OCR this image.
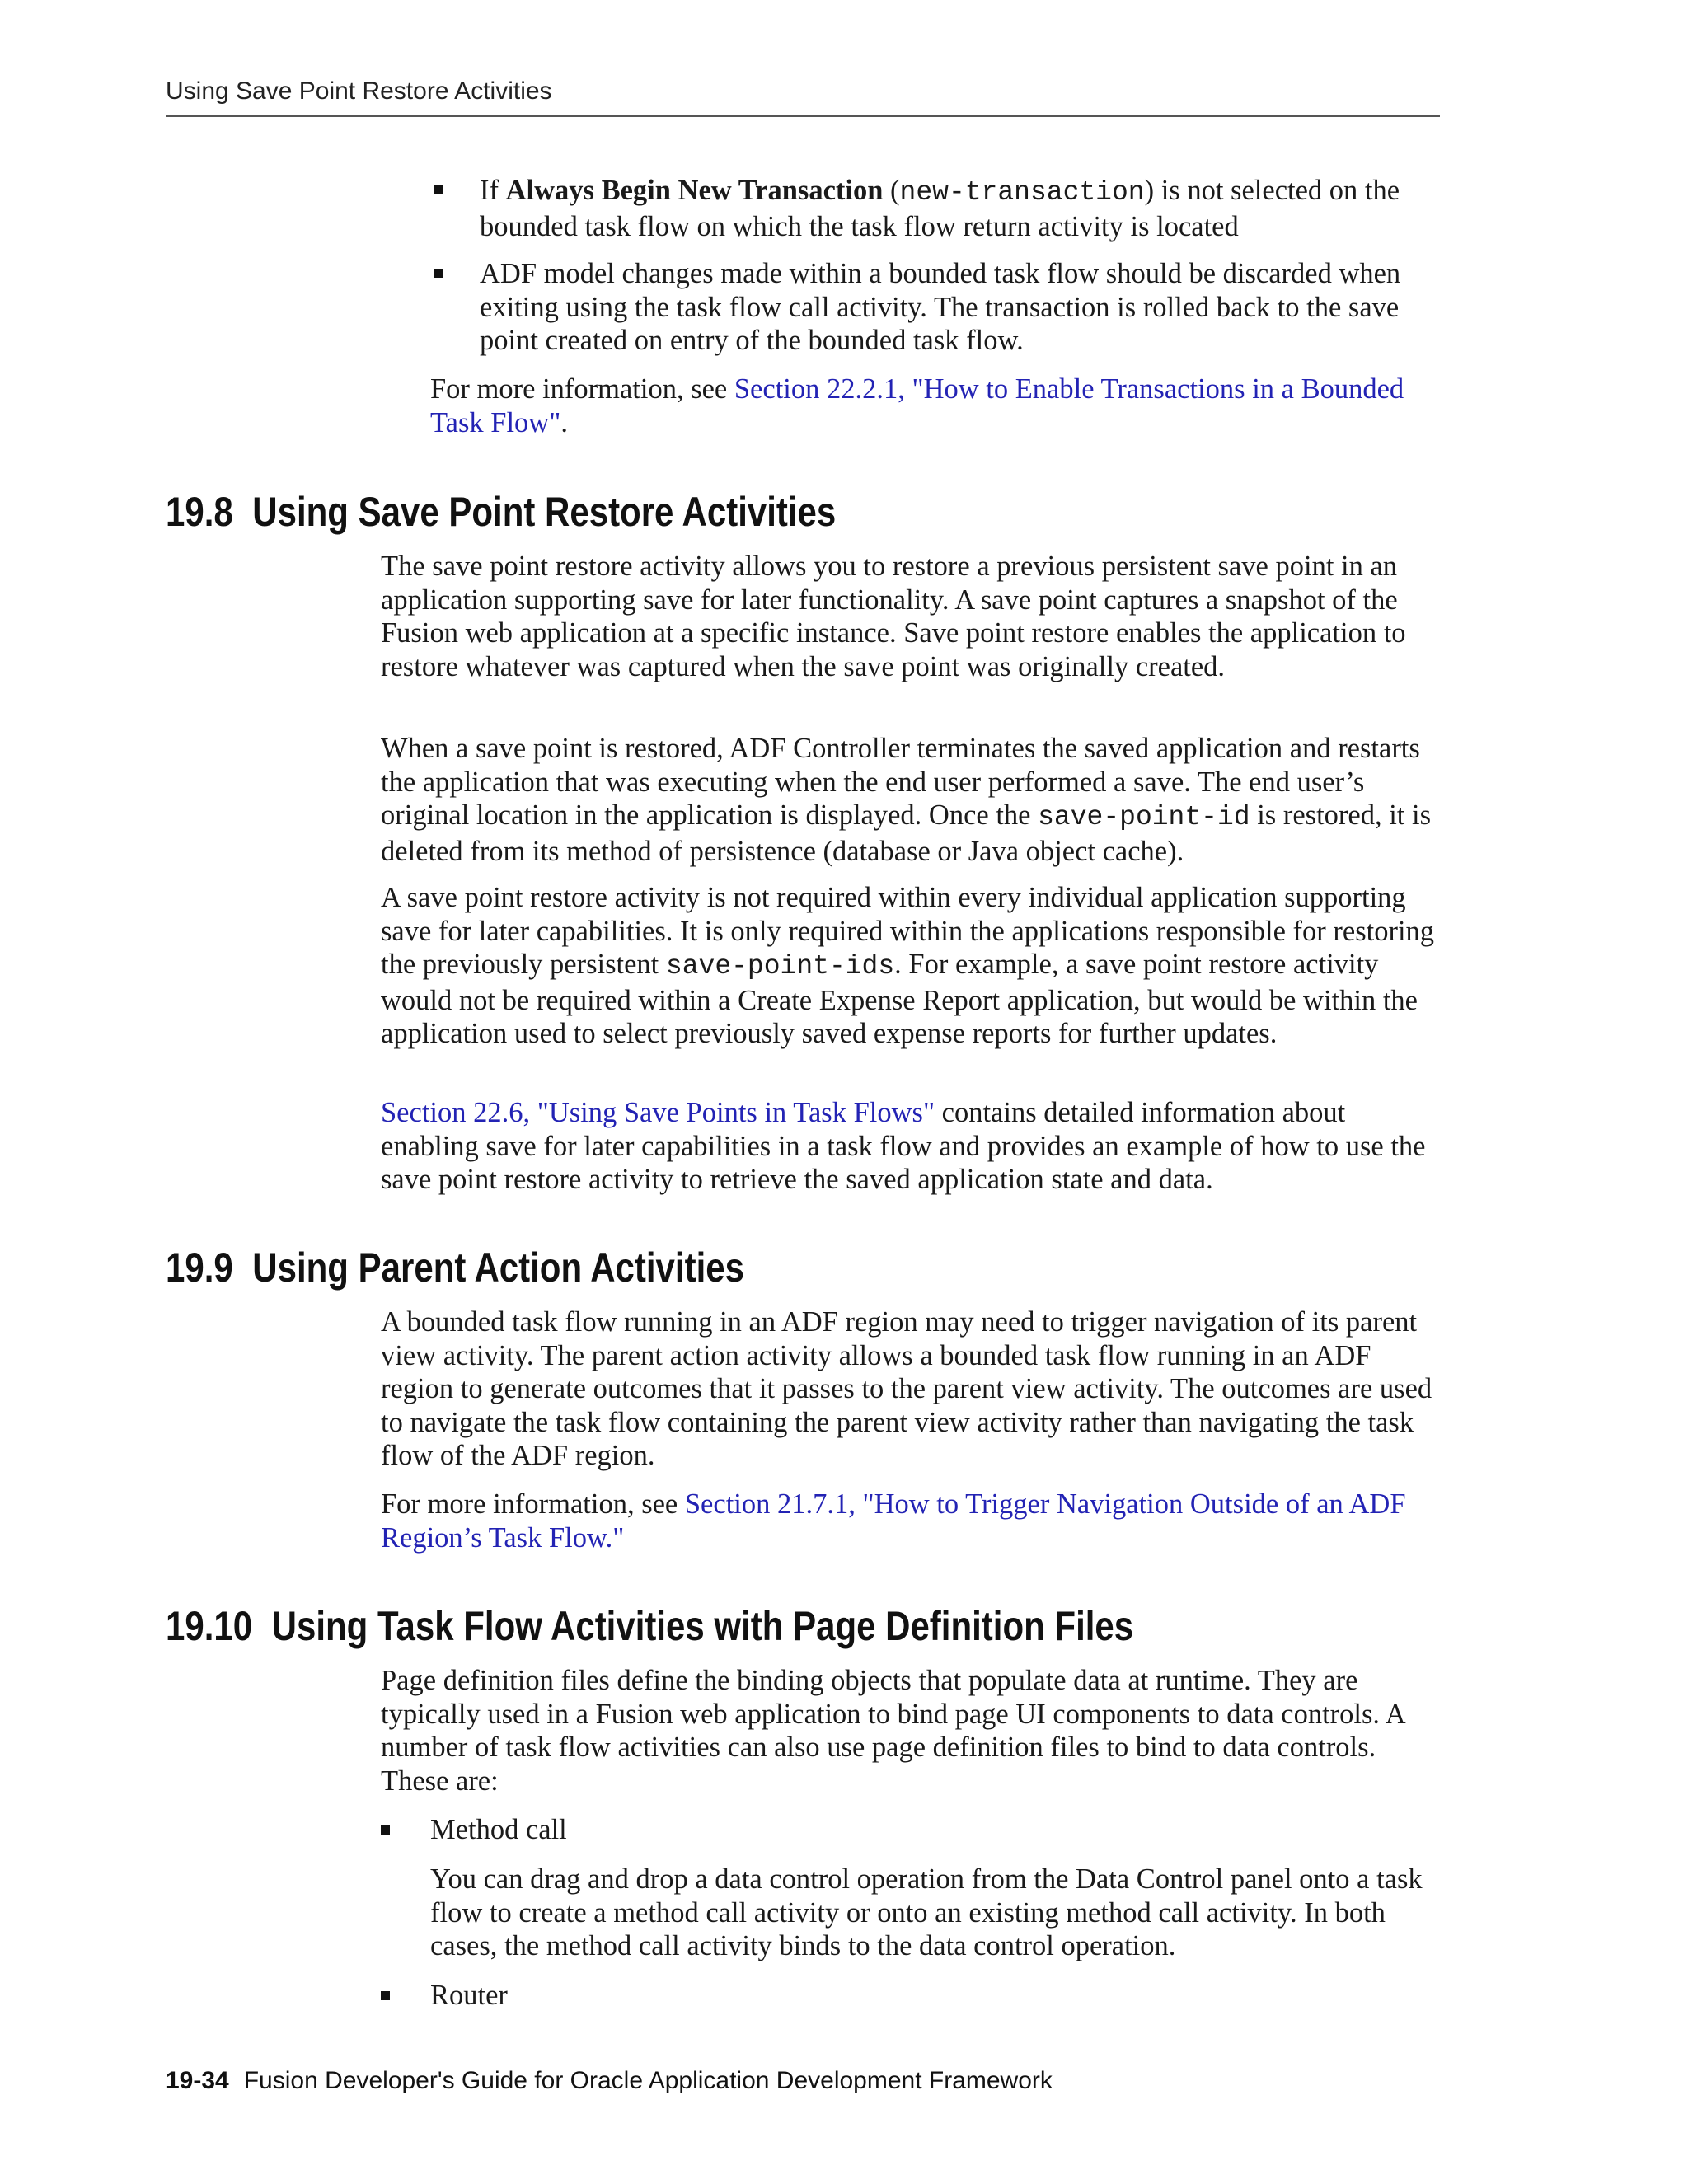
Using Save Point Restore Activities

If Always Begin New Transaction (new-transaction) is not selected on the bounded task flow on which the task flow return activity is located

ADF model changes made within a bounded task flow should be discarded when exiting using the task flow call activity. The transaction is rolled back to the save point created on entry of the bounded task flow.

For more information, see Section 22.2.1, "How to Enable Transactions in a Bounded Task Flow".

19.8 Using Save Point Restore Activities

The save point restore activity allows you to restore a previous persistent save point in an application supporting save for later functionality. A save point captures a snapshot of the Fusion web application at a specific instance. Save point restore enables the application to restore whatever was captured when the save point was originally created.

When a save point is restored, ADF Controller terminates the saved application and restarts the application that was executing when the end user performed a save. The end user’s original location in the application is displayed. Once the save-point-id is restored, it is deleted from its method of persistence (database or Java object cache).

A save point restore activity is not required within every individual application supporting save for later capabilities. It is only required within the applications responsible for restoring the previously persistent save-point-ids. For example, a save point restore activity would not be required within a Create Expense Report application, but would be within the application used to select previously saved expense reports for further updates.

Section 22.6, "Using Save Points in Task Flows" contains detailed information about enabling save for later capabilities in a task flow and provides an example of how to use the save point restore activity to retrieve the saved application state and data.

19.9 Using Parent Action Activities

A bounded task flow running in an ADF region may need to trigger navigation of its parent view activity. The parent action activity allows a bounded task flow running in an ADF region to generate outcomes that it passes to the parent view activity. The outcomes are used to navigate the task flow containing the parent view activity rather than navigating the task flow of the ADF region.

For more information, see Section 21.7.1, "How to Trigger Navigation Outside of an ADF Region’s Task Flow."

19.10 Using Task Flow Activities with Page Definition Files

Page definition files define the binding objects that populate data at runtime. They are typically used in a Fusion web application to bind page UI components to data controls. A number of task flow activities can also use page definition files to bind to data controls. These are:

Method call

You can drag and drop a data control operation from the Data Control panel onto a task flow to create a method call activity or onto an existing method call activity. In both cases, the method call activity binds to the data control operation.

Router

19-34 Fusion Developer's Guide for Oracle Application Development Framework
